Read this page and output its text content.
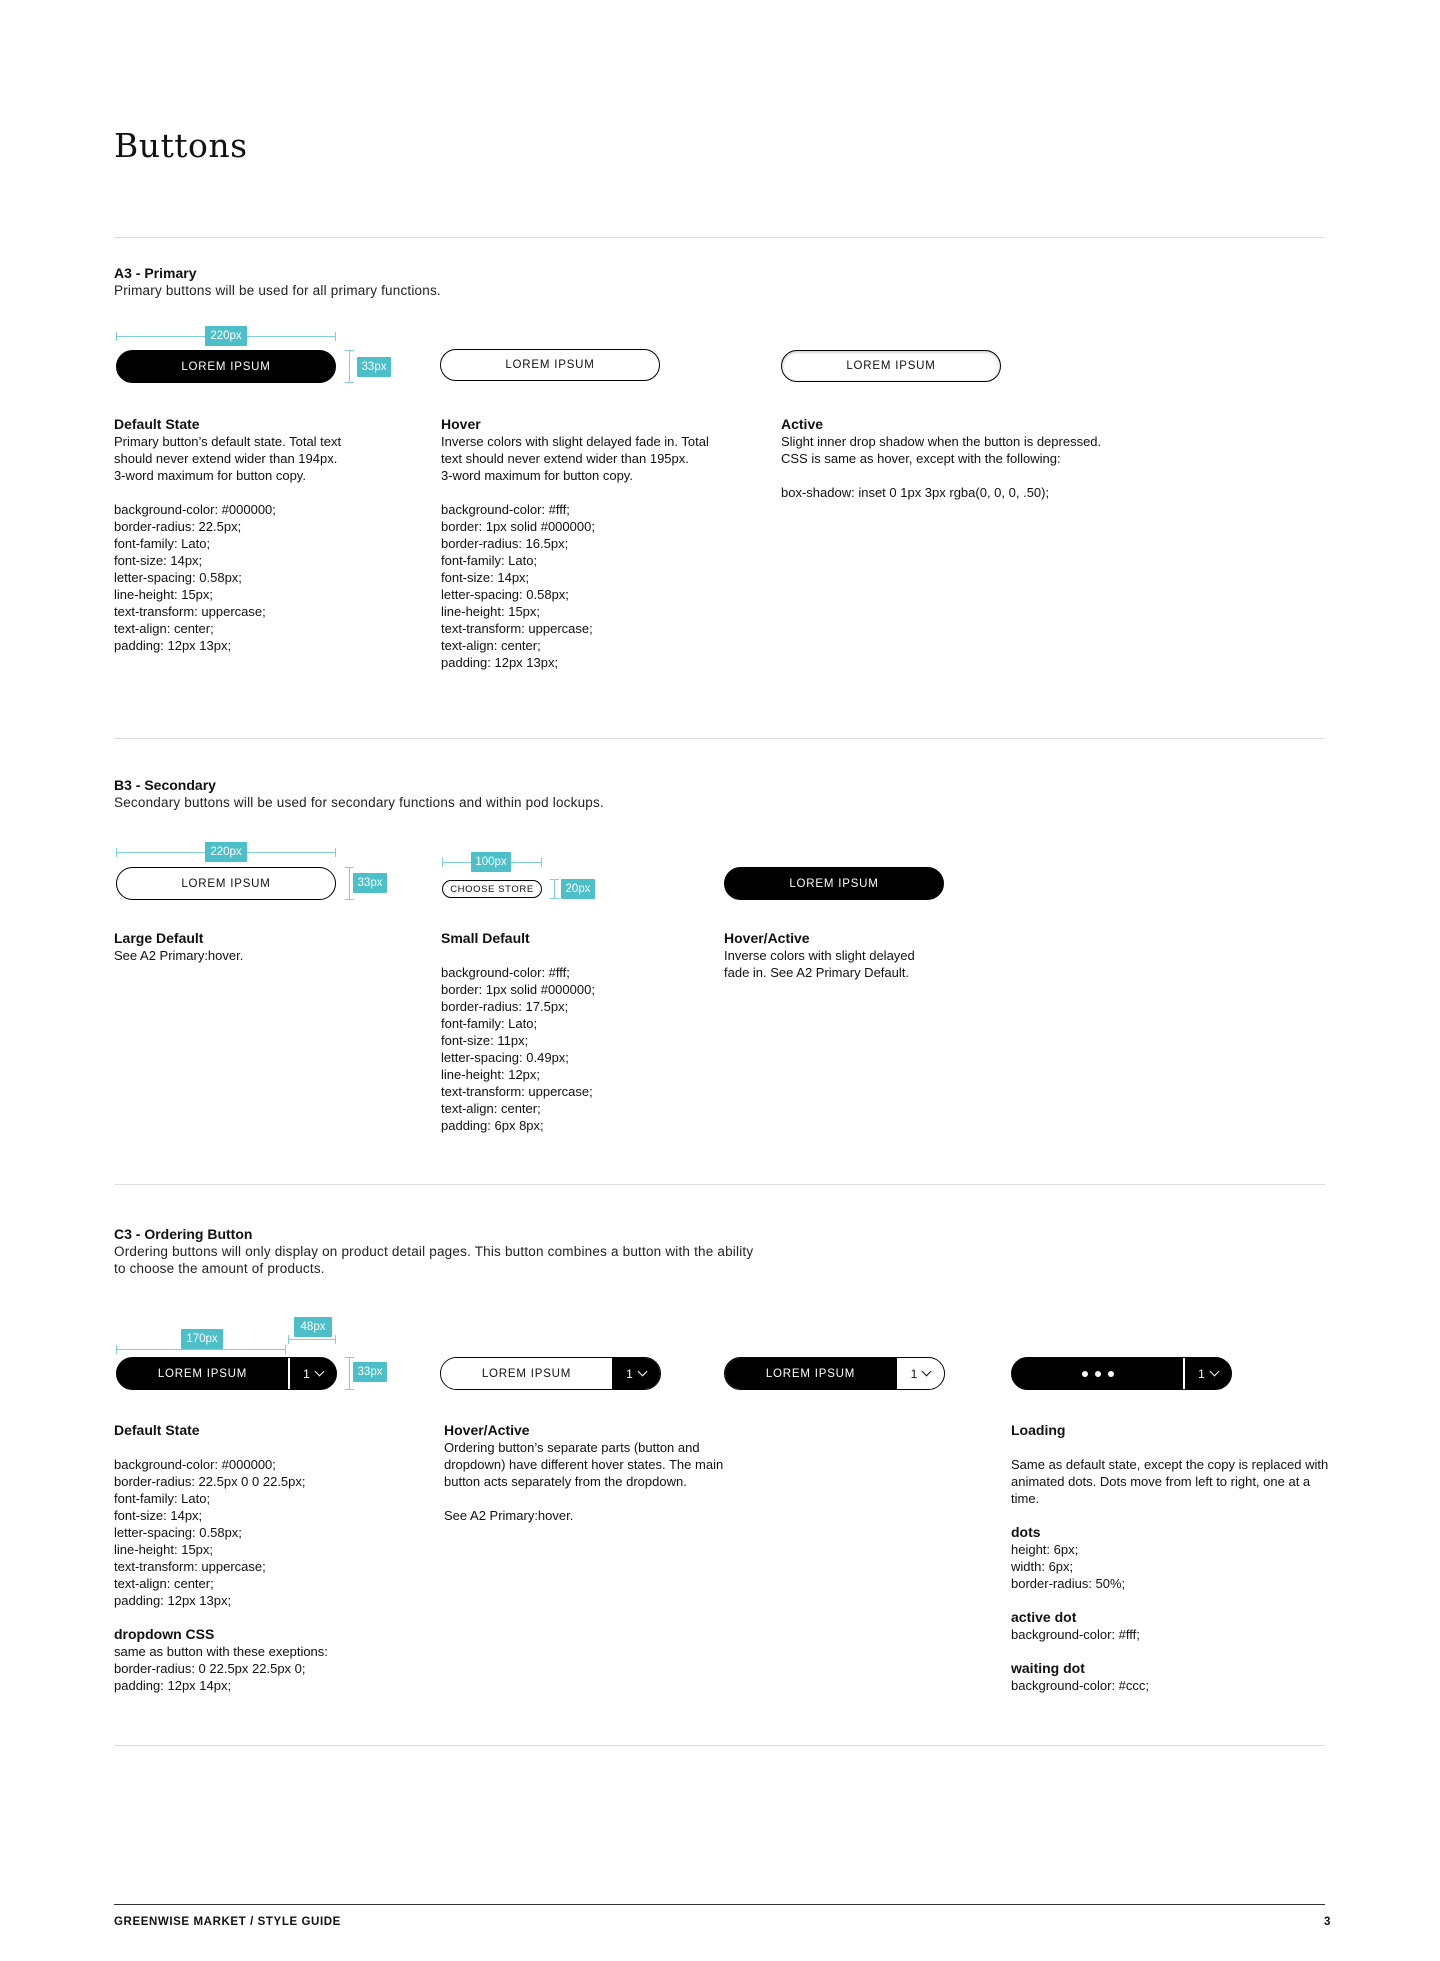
Buttons
A3 - Primary
Primary buttons will be used for all primary functions.
220px
33px
LOREM IPSUM	LOREM IPSUM	LOREM IPSUM
Default State
Primary button’s default state. Total text
should never extend wider than 194px.
3-word maximum for button copy.

background-color: #000000;
border-radius: 22.5px;
font-family: Lato;
font-size: 14px;
letter-spacing: 0.58px;
line-height: 15px;
text-transform: uppercase;
text-align: center;
padding: 12px 13px;
Hover
Inverse colors with slight delayed fade in. Total
text should never extend wider than 195px.
3-word maximum for button copy.

background-color: #fff;
border: 1px solid #000000;
border-radius: 16.5px;
font-family: Lato;
font-size: 14px;
letter-spacing: 0.58px;
line-height: 15px;
text-transform: uppercase;
text-align: center;
padding: 12px 13px;
Active
Slight inner drop shadow when the button is depressed.
CSS is same as hover, except with the following:

box-shadow: inset 0 1px 3px rgba(0, 0, 0, .50);
B3 - Secondary
Secondary buttons will be used for secondary functions and within pod lockups.
220px
33px
LOREM IPSUM
100px
20px
CHOOSE STORE	LOREM IPSUM
Large Default
See A2 Primary:hover.
Small Default

background-color: #fff;
border: 1px solid #000000;
border-radius: 17.5px;
font-family: Lato;
font-size: 11px;
letter-spacing: 0.49px;
line-height: 12px;
text-transform: uppercase;
text-align: center;
padding: 6px 8px;
Hover/Active
Inverse colors with slight delayed
fade in. See A2 Primary Default.
C3 - Ordering Button
Ordering buttons will only display on product detail pages. This button combines a button with the ability
to choose the amount of products.
170px
48px
33px
LOREM IPSUM	1	LOREM IPSUM	1	LOREM IPSUM	1	1
Default State

background-color: #000000;
border-radius: 22.5px 0 0 22.5px;
font-family: Lato;
font-size: 14px;
letter-spacing: 0.58px;
line-height: 15px;
text-transform: uppercase;
text-align: center;
padding: 12px 13px;
dropdown CSS
same as button with these exeptions:
border-radius: 0 22.5px 22.5px 0;
padding: 12px 14px;
Hover/Active
Ordering button’s separate parts (button and
dropdown) have different hover states. The main
button acts separately from the dropdown.

See A2 Primary:hover.
Loading

Same as default state, except the copy is replaced with
animated dots. Dots move from left to right, one at a
time.
dots
height: 6px;
width: 6px;
border-radius: 50%;
active dot
background-color: #fff;
waiting dot
background-color: #ccc;
GREENWISE MARKET / STYLE GUIDE	3
